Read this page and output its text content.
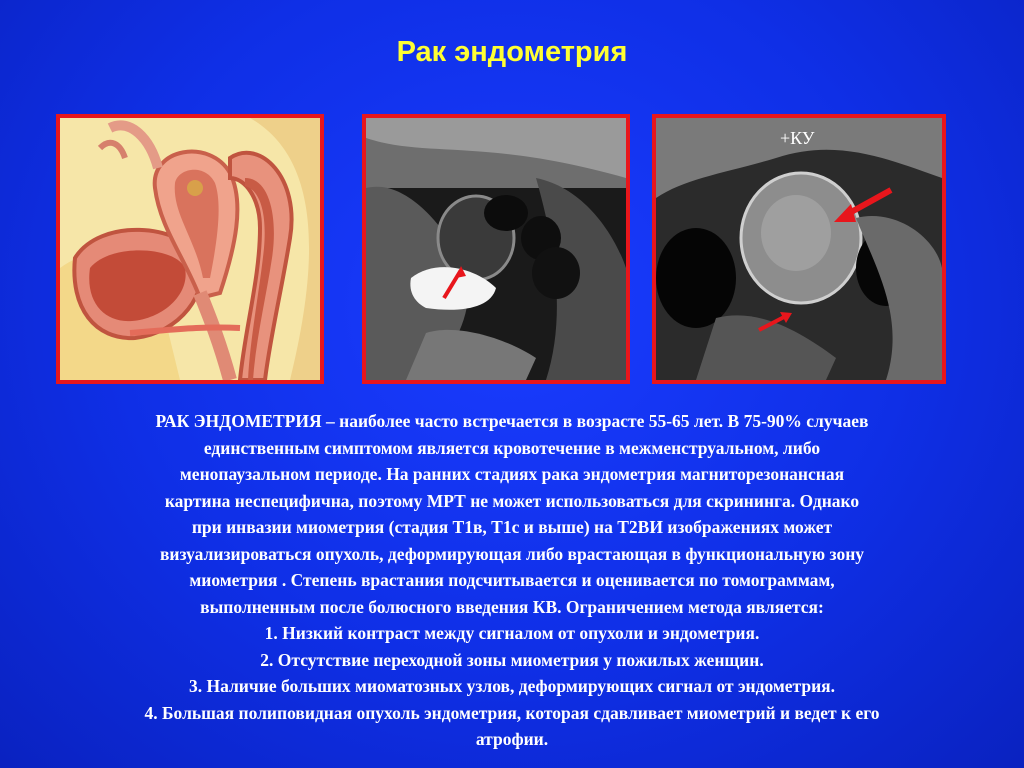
Рак эндометрия
+КУ

РАК ЭНДОМЕТРИЯ – наиболее часто встречается в возрасте 55-65 лет. В 75-90% случаев

единственным симптомом является кровотечение в межменструальном, либо

менопаузальном периоде. На ранних стадиях рака эндометрия магниторезонансная

картина неспецифична, поэтому МРТ не может использоваться для скрининга. Однако

при инвазии миометрия (стадия T1в, T1с и выше) на T2ВИ изображениях может

визуализироваться опухоль, деформирующая либо врастающая в функциональную зону

миометрия . Степень врастания подсчитывается и оценивается по томограммам,

выполненным после болюсного введения КВ. Ограничением метода является:

1. Низкий контраст между сигналом от опухоли и эндометрия.

2. Отсутствие переходной зоны миометрия у пожилых женщин.

3. Наличие больших миоматозных узлов, деформирующих сигнал от эндометрия.

4. Большая полиповидная опухоль эндометрия, которая сдавливает миометрий и ведет к его

атрофии.
